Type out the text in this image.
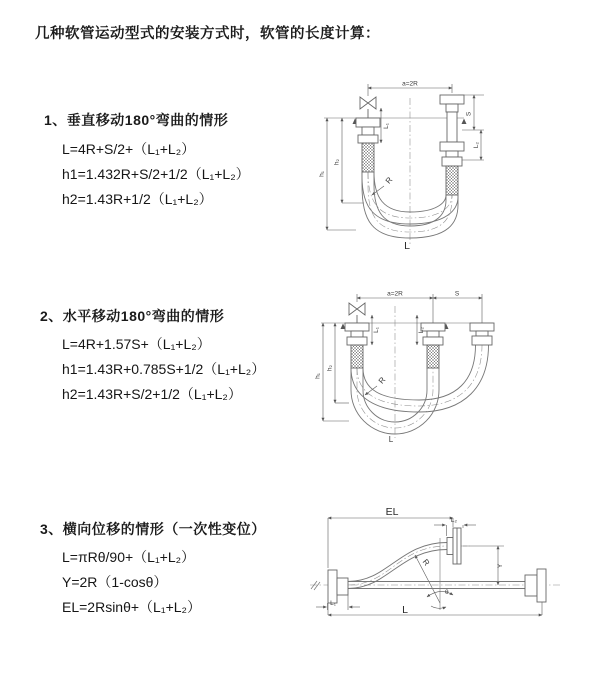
几种软管运动型式的安装方式时，软管的长度计算：
1、垂直移动180°弯曲的情形
L=4R+S/2+（L₁+L₂）
h1=1.432R+S/2+1/2（L₁+L₂）
h2=1.43R+1/2（L₁+L₂）
2、水平移动180°弯曲的情形
L=4R+1.57S+（L₁+L₂）
h1=1.43R+0.785S+1/2（L₁+L₂）
h2=1.43R+S/2+1/2（L₁+L₂）
3、横向位移的情形（一次性变位）
L=πRθ/90+（L₁+L₂）
Y=2R（1-cosθ）
EL=2Rsinθ+（L₁+L₂）
a=2R
S
L₂
L₁
h₁
h₂
R
L
a=2R	S
L₁	L₂
h₁
h₂
R
L
EL
L₂
L₁
Y
R
θ
L
